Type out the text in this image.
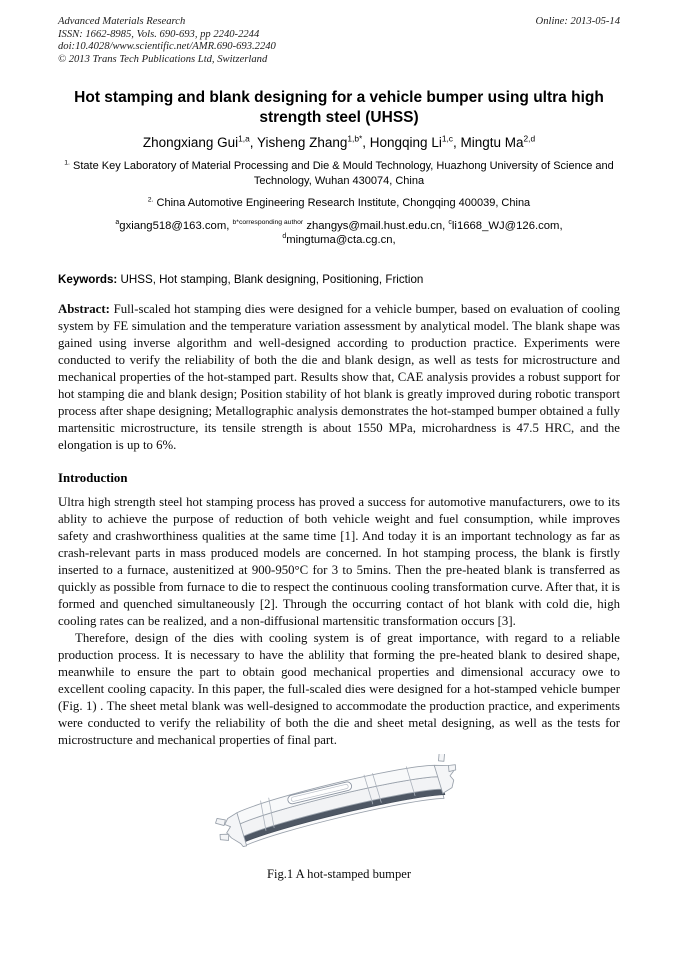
Advanced Materials Research
ISSN: 1662-8985, Vols. 690-693, pp 2240-2244
doi:10.4028/www.scientific.net/AMR.690-693.2240
© 2013 Trans Tech Publications Ltd, Switzerland
Online: 2013-05-14
Hot stamping and blank designing for a vehicle bumper using ultra high strength steel (UHSS)
Zhongxiang Gui$^{1,a}$, Yisheng Zhang$^{1,b*}$, Hongqing Li$^{1,c}$, Mingtu Ma$^{2,d}$
$^{1.}$ State Key Laboratory of Material Processing and Die & Mould Technology, Huazhong University of Science and Technology, Wuhan 430074, China
$^{2.}$ China Automotive Engineering Research Institute, Chongqing 400039, China
$^a$gxiang518@163.com, $^{b*corresponding author}$ zhangys@mail.hust.edu.cn, $^c$li1668_WJ@126.com,
$^d$mingtuma@cta.cg.cn,
Keywords: UHSS, Hot stamping, Blank designing, Positioning, Friction
Abstract: Full-scaled hot stamping dies were designed for a vehicle bumper, based on evaluation of cooling system by FE simulation and the temperature variation assessment by analytical model. The blank shape was gained using inverse algorithm and well-designed according to production practice. Experiments were conducted to verify the reliability of both the die and blank design, as well as tests for microstructure and mechanical properties of the hot-stamped part. Results show that, CAE analysis provides a robust support for hot stamping die and blank design; Position stability of hot blank is greatly improved during robotic transport process after shape designing; Metallographic analysis demonstrates the hot-stamped bumper obtained a fully martensitic microstructure, its tensile strength is about 1550 MPa, microhardness is 47.5 HRC, and the elongation is up to 6%.
Introduction
Ultra high strength steel hot stamping process has proved a success for automotive manufacturers, owe to its ablity to achieve the purpose of reduction of both vehicle weight and fuel consumption, while improves safety and crashworthiness qualities at the same time [1]. And today it is an important technology as far as crash-relevant parts in mass produced models are concerned. In hot stamping process, the blank is firstly inserted to a furnace, austenitized at 900-950°C for 3 to 5mins. Then the pre-heated blank is transferred as quickly as possible from furnace to die to respect the continuous cooling transformation curve. After that, it is formed and quenched simultaneously [2]. Through the occurring contact of hot blank with cold die, high cooling rates can be realized, and a non-diffusional martensitic transformation occurs [3].
Therefore, design of the dies with cooling system is of great importance, with regard to a reliable production process. It is necessary to have the ablility that forming the pre-heated blank to desired shape, meanwhile to ensure the part to obtain good mechanical properties and dimensional accuracy owe to excellent cooling capacity. In this paper, the full-scaled dies were designed for a hot-stamped vehicle bumper (Fig. 1) . The sheet metal blank was well-designed to accommodate the production practice, and experiments were conducted to verify the reliability of both the die and sheet metal designing, as well as the tests for microstructure and mechanical properties of final part.
Fig.1 A hot-stamped bumper
